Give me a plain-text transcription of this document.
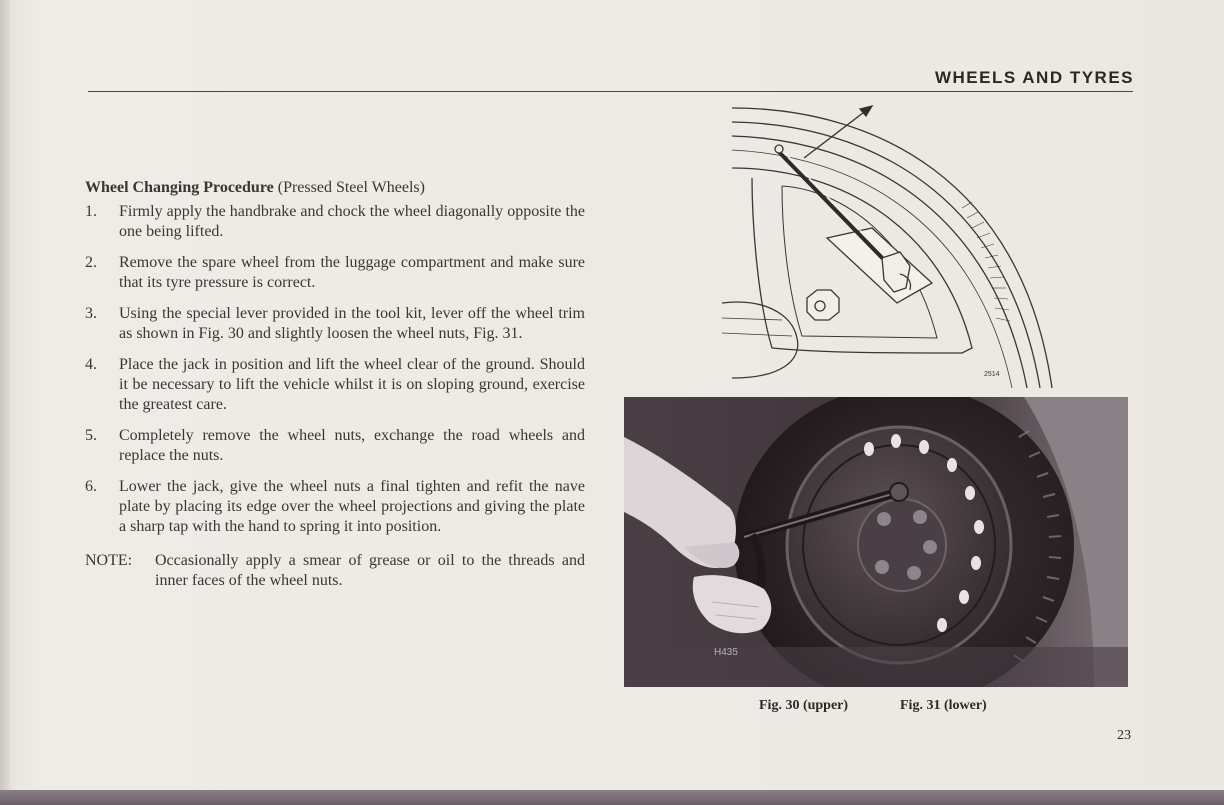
WHEELS AND TYRES
Wheel Changing Procedure (Pressed Steel Wheels)
1. Firmly apply the handbrake and chock the wheel diagonally opposite the one being lifted.
2. Remove the spare wheel from the luggage compartment and make sure that its tyre pressure is correct.
3. Using the special lever provided in the tool kit, lever off the wheel trim as shown in Fig. 30 and slightly loosen the wheel nuts, Fig. 31.
4. Place the jack in position and lift the wheel clear of the ground. Should it be necessary to lift the vehicle whilst it is on sloping ground, exercise the greatest care.
5. Completely remove the wheel nuts, exchange the road wheels and replace the nuts.
6. Lower the jack, give the wheel nuts a final tighten and refit the nave plate by placing its edge over the wheel projections and giving the plate a sharp tap with the hand to spring it into position.
NOTE: Occasionally apply a smear of grease or oil to the threads and inner faces of the wheel nuts.
2514
H435
Fig. 30 (upper)	Fig. 31 (lower)
23
